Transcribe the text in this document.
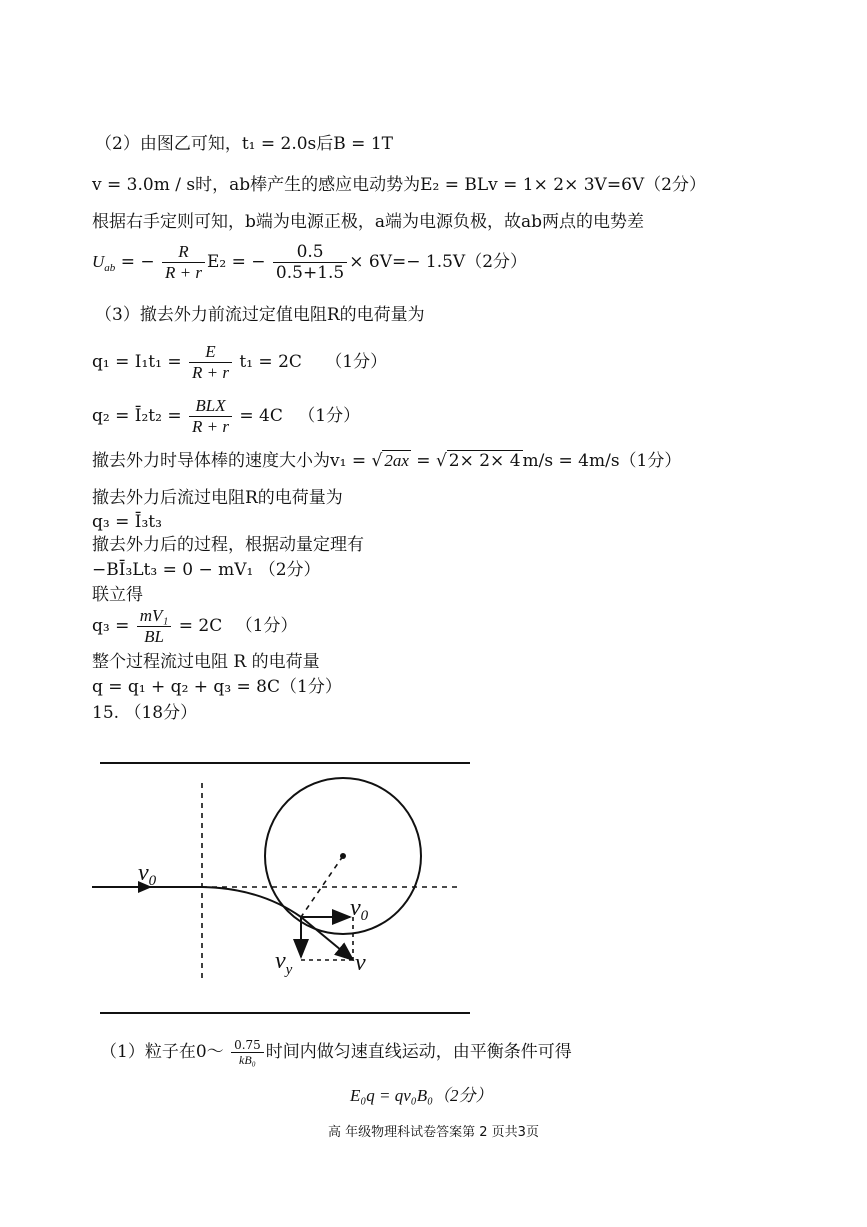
（2）由图乙可知，t₁ = 2.0s后B = 1T
v = 3.0m / s时，ab棒产生的感应电动势为E₂ = BLv = 1× 2× 3V=6V（2分）
根据右手定则可知，b端为电源正极，a端为电源负极，故ab两点的电势差
$U_{ab}$ = − $\frac{R}{R + r} E_2$ = − $\frac{0.5}{0.5+1.5} \times 6V=- 1.5V(2$分）
（3）撤去外力前流过定值电阻R的电荷量为
$q_1 = I_1t_1 = \frac{E}{R + r} t_1 = 2C$ （1分）
q₂ = Ī₂t₂ = $\frac{\text{BLX}}{R + r} = 4C$ （1分）
撤去外力时导体棒的速度大小为v₁ = √ 2ax = √ 2× 2× 4 m/s = 4m/s（1分）
撤去外力后流过电阻R的电荷量为
q₃ = Ī₃t₃
撤去外力后的过程，根据动量定理有
−BĪ₃Lt₃ = 0 − mV₁ （2分）
联立得
$q_3 = \frac{\text{mV₁}}{BL} = 2C$ （1分）
整个过程流过电阻 R 的电荷量
q = q₁ + q₂ + q₃ = 8C（1分）
15. （18分）
$v_0$
$v_0$
$v_y$	v
（1）粒子在0～ $\frac{0.75}{\text{kB₀}}$ 时间内做匀速直线运动，由平衡条件可得
E₀q = qv₀B₀（2分）
高 年级物理科试卷答案第 2 页共3页
